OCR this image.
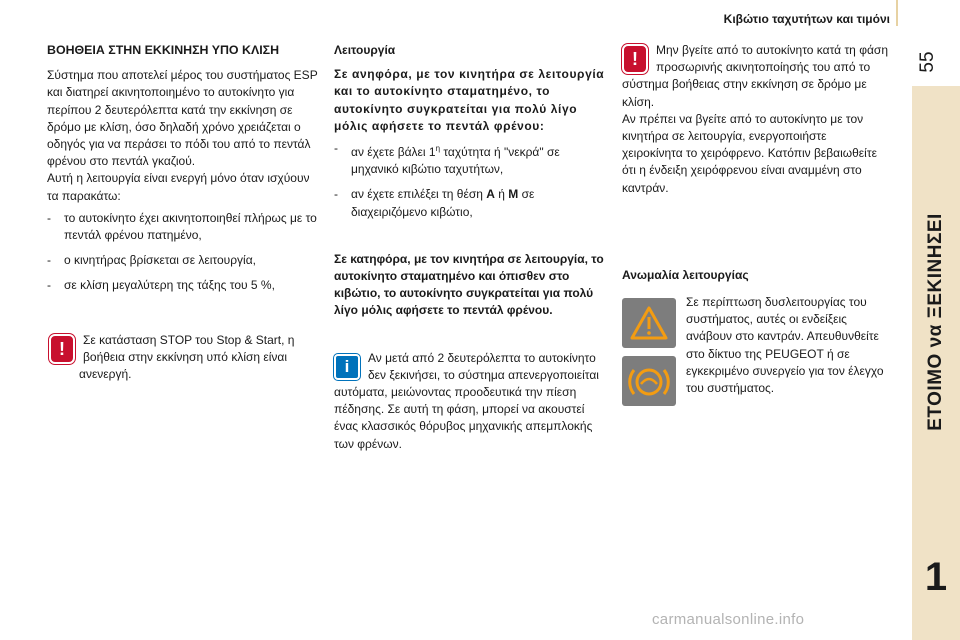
Κιβώτιο ταχυτήτων και τιμόνι
55
ΕΤΟΙΜΟ να ΞΕΚΙΝΗΣΕΙ
1
ΒΟΗΘΕΙΑ ΣΤΗΝ ΕΚΚΙΝΗΣΗ ΥΠΟ ΚΛΙΣΗ

Σύστημα που αποτελεί μέρος του συστήματος ESP και διατηρεί ακινητοποιημένο το αυτοκίνητο για περίπου 2 δευτερόλεπτα κατά την εκκίνηση σε δρόμο με κλίση, όσο δηλαδή χρόνο χρειάζεται ο οδηγός για να περάσει το πόδι του από το πεντάλ φρένου στο πεντάλ γκαζιού.

Αυτή η λειτουργία είναι ενεργή μόνο όταν ισχύουν τα παρακάτω:

-	το αυτοκίνητο έχει ακινητοποιηθεί πλήρως με το πεντάλ φρένου πατημένο,
-	ο κινητήρας βρίσκεται σε λειτουργία,
-	σε κλίση μεγαλύτερη της τάξης του 5 %,
!	Σε κατάσταση STOP του Stop & Start, η βοήθεια στην εκκίνηση υπό κλίση είναι ανενεργή.

Λειτουργία

Σε ανηφόρα, με τον κινητήρα σε λειτουργία και το αυτοκίνητο σταματημένο, το αυτοκίνητο συγκρατείται για πολύ λίγο μόλις αφήσετε το πεντάλ φρένου:

-	αν έχετε βάλει $1^\eta$ ταχύτητα ή "νεκρά" σε μηχανικό κιβώτιο ταχυτήτων,
-	αν έχετε επιλέξει τη θέση A ή M σε διαχειριζόμενο κιβώτιο,

Σε κατηφόρα, με τον κινητήρα σε λειτουργία, το αυτοκίνητο σταματημένο και όπισθεν στο κιβώτιο, το αυτοκίνητο συγκρατείται για πολύ λίγο μόλις αφήσετε το πεντάλ φρένου.

i	Αν μετά από 2 δευτερόλεπτα το αυτοκίνητο δεν ξεκινήσει, το σύστημα απενεργοποιείται αυτόματα, μειώνοντας προοδευτικά την πίεση πέδησης. Σε αυτή τη φάση, μπορεί να ακουστεί ένας κλασσικός θόρυβος μηχανικής απεμπλοκής των φρένων.

!	Μην βγείτε από το αυτοκίνητο κατά τη φάση προσωρινής ακινητοποίησής του από το σύστημα βοήθειας στην εκκίνηση σε δρόμο με κλίση.

Αν πρέπει να βγείτε από το αυτοκίνητο με τον κινητήρα σε λειτουργία, ενεργοποιήστε χειροκίνητα το χειρόφρενο. Κατόπιν βεβαιωθείτε ότι η ένδειξη χειρόφρενου είναι αναμμένη στο καντράν.

Ανωμαλία λειτουργίας

Σε περίπτωση δυσλειτουργίας του συστήματος, αυτές οι ενδείξεις ανάβουν στο καντράν. Απευθυνθείτε στο δίκτυο της PEUGEOT ή σε εγκεκριμένο συνεργείο για τον έλεγχο του συστήματος.

carmanualsonline.info
